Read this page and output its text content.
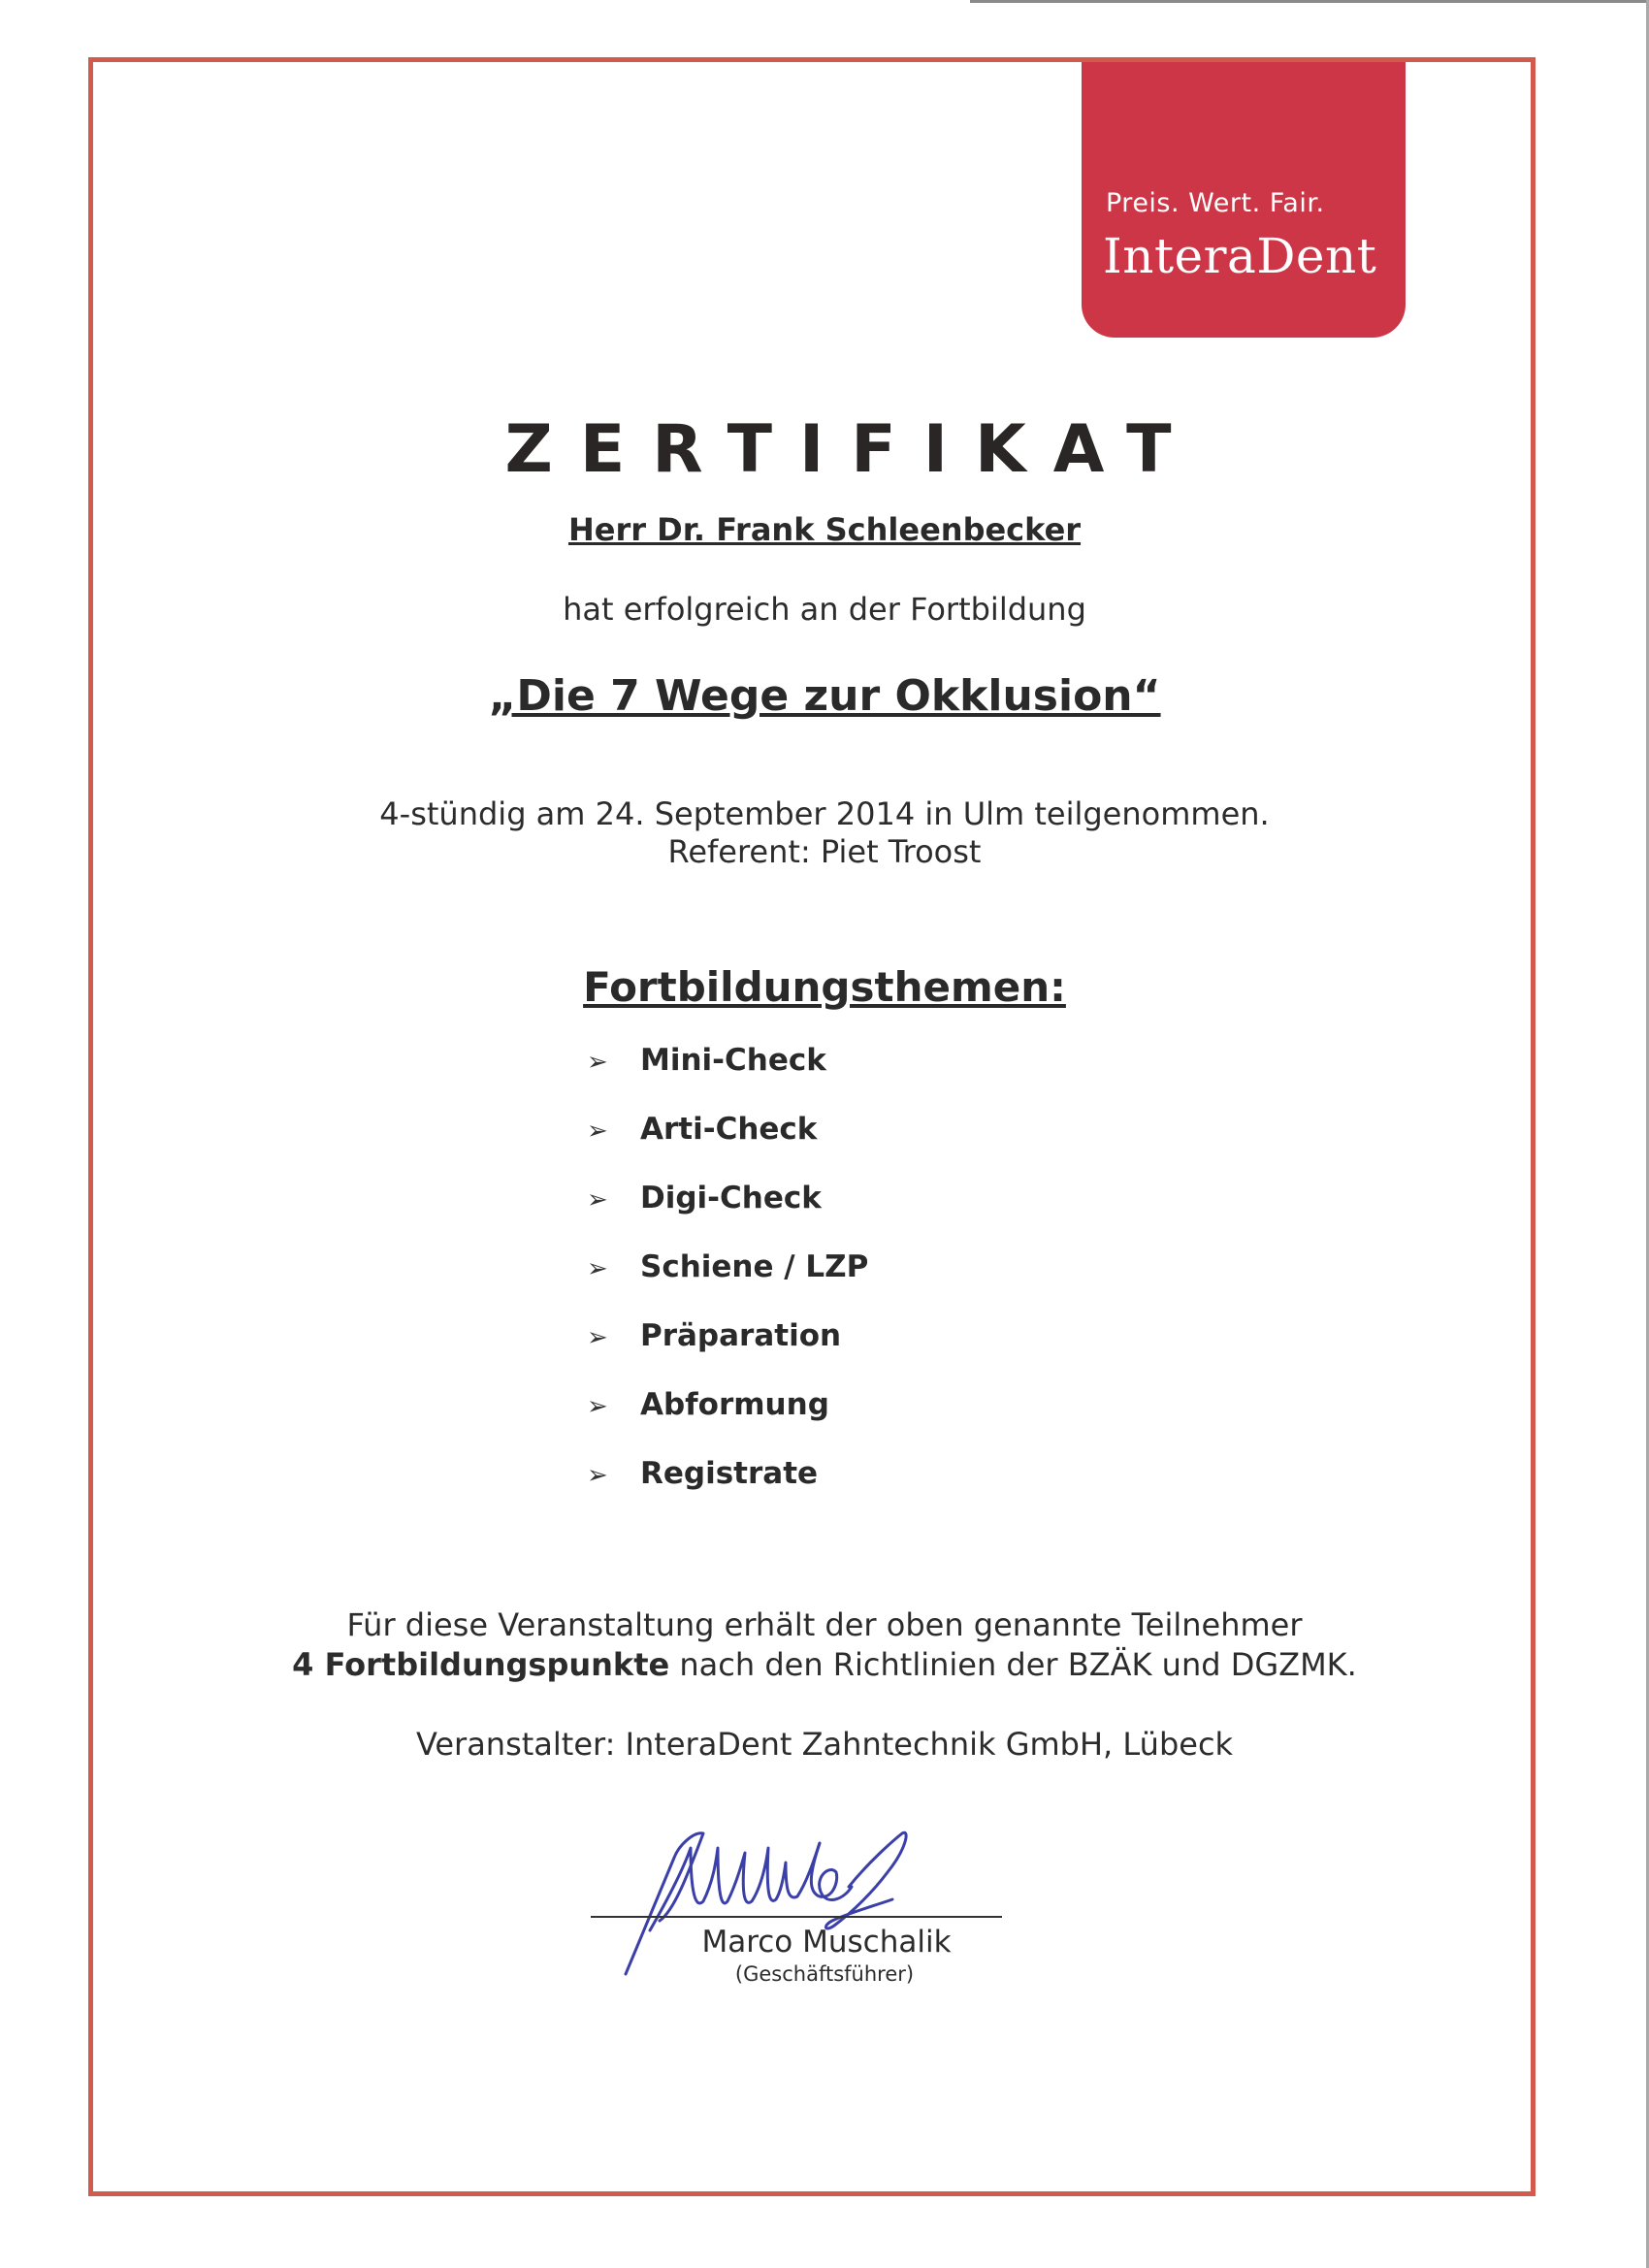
Preis. Wert. Fair.
InteraDent
ZERTIFIKAT
Herr Dr. Frank Schleenbecker
hat erfolgreich an der Fortbildung
„Die 7 Wege zur Okklusion“
4-stündig am 24. September 2014 in Ulm teilgenommen.
Referent: Piet Troost
Fortbildungsthemen:
➢ Mini-Check
➢ Arti-Check
➢ Digi-Check
➢ Schiene / LZP
➢ Präparation
➢ Abformung
➢ Registrate
Für diese Veranstaltung erhält der oben genannte Teilnehmer
4 Fortbildungspunkte nach den Richtlinien der BZÄK und DGZMK.
Veranstalter: InteraDent Zahntechnik GmbH, Lübeck
Marco Muschalik
(Geschäftsführer)
